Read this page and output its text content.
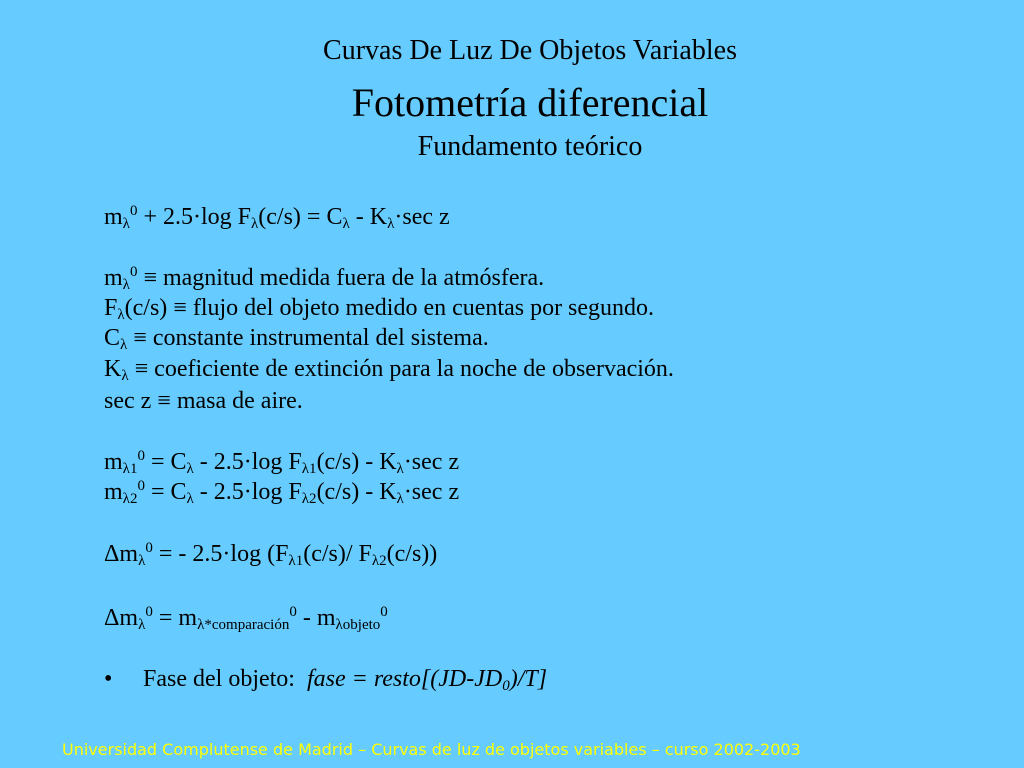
Curvas De Luz De Objetos Variables
Fotometría diferencial
Fundamento teórico
$m_\lambda^0 + 2.5\cdot\log$ $F_\lambda(c/s) = C_\lambda - K_\lambda\cdot\sec$ z
$m_\lambda^0$ ≡ magnitud medida fuera de la atmósfera.
$F_\lambda(c/s)$ ≡ flujo del objeto medido en cuentas por segundo.
$C_\lambda$ ≡ constante instrumental del sistema.
$K_\lambda$ ≡ coeficiente de extinción para la noche de observación.
sec z ≡ masa de aire.
$m_{\lambda 1}^0 = C_\lambda - 2.5\cdot\log$ $F_{\lambda 1}(c/s) - K_\lambda\cdot\sec$ z
$m_{\lambda 2}^0 = C_\lambda - 2.5\cdot\log$ $F_{\lambda 2}(c/s) - K_\lambda\cdot\sec$ z
$\Delta m_\lambda^0$ = - 2.5·log ($F_{\lambda 1}(c/s)/$ $F_{\lambda 2}(c/s)$)
$\Delta m_\lambda^0 = m_{\lambda*comparación}^0 - m_{\lambda objeto}^0$
• Fase del objeto: fase = $resto[(JD-JD_0)/T]$
Universidad Complutense de Madrid – Curvas de luz de objetos variables – curso 2002-2003
